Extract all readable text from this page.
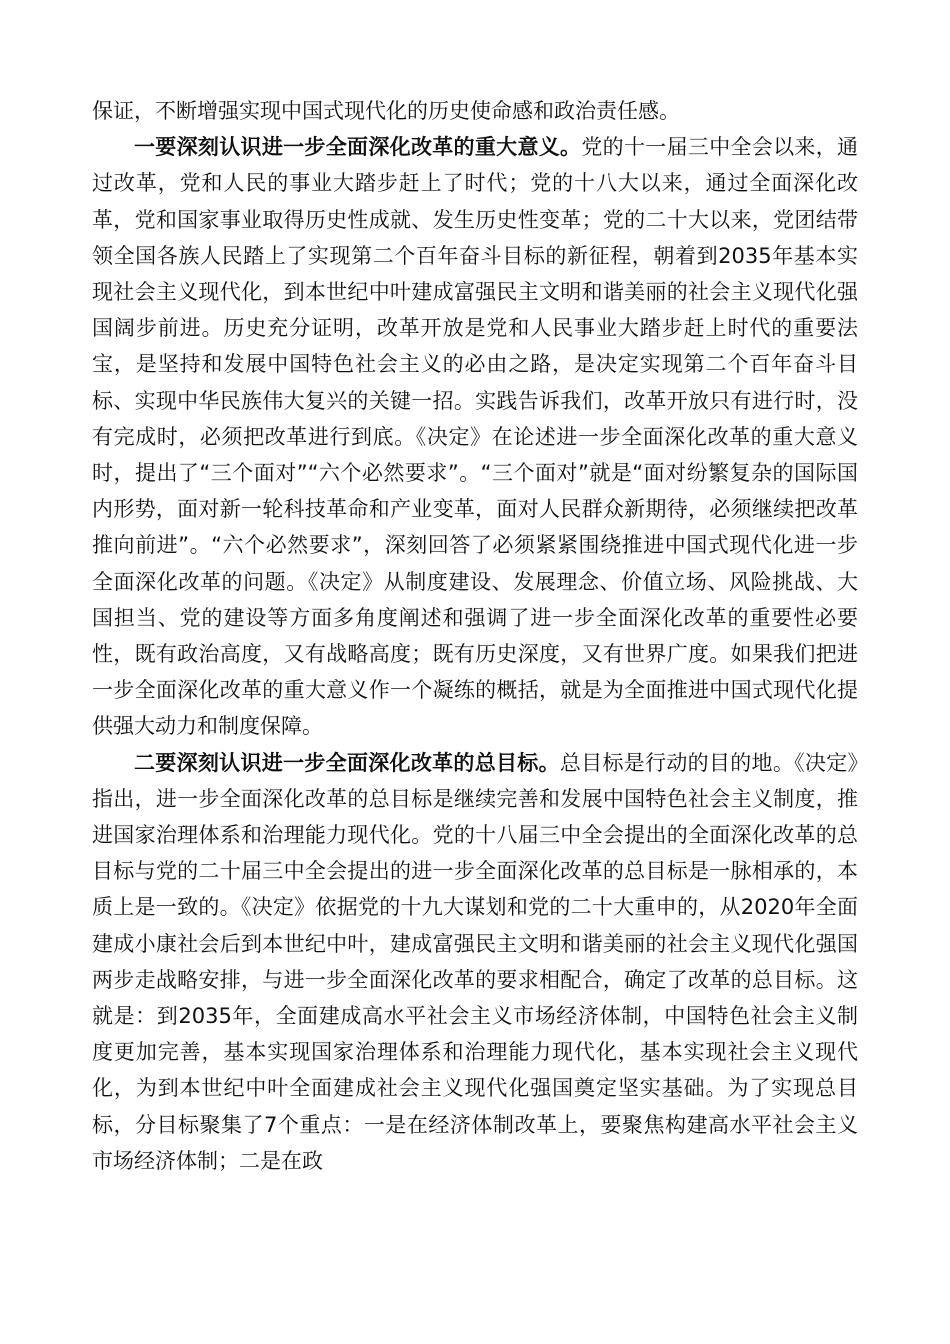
保证，不断增强实现中国式现代化的历史使命感和政治责任感。

一要深刻认识进一步全面深化改革的重大意义。党的十一届三中全会以来，通过改革，党和人民的事业大踏步赶上了时代；党的十八大以来，通过全面深化改革，党和国家事业取得历史性成就、发生历史性变革；党的二十大以来，党团结带领全国各族人民踏上了实现第二个百年奋斗目标的新征程，朝着到2035年基本实现社会主义现代化，到本世纪中叶建成富强民主文明和谐美丽的社会主义现代化强国阔步前进。历史充分证明，改革开放是党和人民事业大踏步赶上时代的重要法宝，是坚持和发展中国特色社会主义的必由之路，是决定实现第二个百年奋斗目标、实现中华民族伟大复兴的关键一招。实践告诉我们，改革开放只有进行时，没有完成时，必须把改革进行到底。《决定》在论述进一步全面深化改革的重大意义时，提出了“三个面对”“六个必然要求”。“三个面对”就是“面对纷繁复杂的国际国内形势，面对新一轮科技革命和产业变革，面对人民群众新期待，必须继续把改革推向前进”。“六个必然要求”，深刻回答了必须紧紧围绕推进中国式现代化进一步全面深化改革的问题。《决定》从制度建设、发展理念、价值立场、风险挑战、大国担当、党的建设等方面多角度阐述和强调了进一步全面深化改革的重要性必要性，既有政治高度，又有战略高度；既有历史深度，又有世界广度。如果我们把进一步全面深化改革的重大意义作一个凝练的概括，就是为全面推进中国式现代化提供强大动力和制度保障。

二要深刻认识进一步全面深化改革的总目标。总目标是行动的目的地。《决定》指出，进一步全面深化改革的总目标是继续完善和发展中国特色社会主义制度，推进国家治理体系和治理能力现代化。党的十八届三中全会提出的全面深化改革的总目标与党的二十届三中全会提出的进一步全面深化改革的总目标是一脉相承的，本质上是一致的。《决定》依据党的十九大谋划和党的二十大重申的，从2020年全面建成小康社会后到本世纪中叶，建成富强民主文明和谐美丽的社会主义现代化强国两步走战略安排，与进一步全面深化改革的要求相配合，确定了改革的总目标。这就是：到2035年，全面建成高水平社会主义市场经济体制，中国特色社会主义制度更加完善，基本实现国家治理体系和治理能力现代化，基本实现社会主义现代化，为到本世纪中叶全面建成社会主义现代化强国奠定坚实基础。为了实现总目标，分目标聚集了7个重点：一是在经济体制改革上，要聚焦构建高水平社会主义市场经济体制；二是在政
